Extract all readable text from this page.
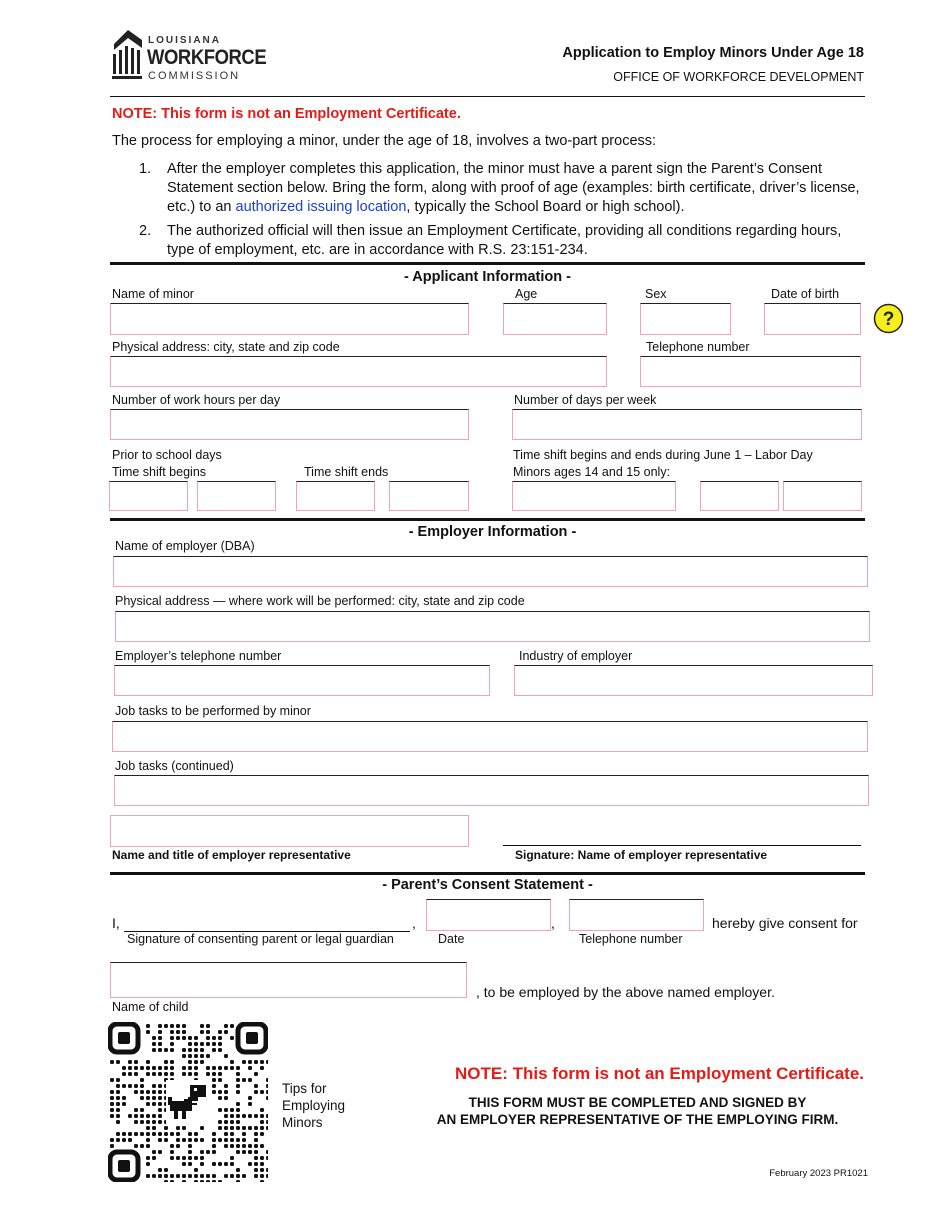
LOUISIANA
WORKFORCE
COMMISSION
Application to Employ Minors Under Age 18
OFFICE OF WORKFORCE DEVELOPMENT
NOTE: This form is not an Employment Certificate.
The process for employing a minor, under the age of 18, involves a two-part process:
1. After the employer completes this application, the minor must have a parent sign the Parent’s Consent Statement section below. Bring the form, along with proof of age (examples: birth certificate, driver’s license, etc.) to an authorized issuing location, typically the School Board or high school).
2. The authorized official will then issue an Employment Certificate, providing all conditions regarding hours, type of employment, etc. are in accordance with R.S. 23:151-234.
- Applicant Information -
Name of minor	Age	Sex	Date of birth
?
Physical address: city, state and zip code	Telephone number
Number of work hours per day	Number of days per week
Prior to school days
Time shift begins	Time shift ends
Time shift begins and ends during June 1 – Labor Day
Minors ages 14 and 15 only:
- Employer Information -
Name of employer (DBA)
Physical address — where work will be performed: city, state and zip code
Employer’s telephone number	Industry of employer
Job tasks to be performed by minor
Job tasks (continued)
Name and title of employer representative	Signature: Name of employer representative
- Parent’s Consent Statement -
I,	,	,	hereby give consent for
Signature of consenting parent or legal guardian	Date	Telephone number
, to be employed by the above named employer.
Name of child
Tips for
Employing
Minors
NOTE: This form is not an Employment Certificate.
THIS FORM MUST BE COMPLETED AND SIGNED BY
AN EMPLOYER REPRESENTATIVE OF THE EMPLOYING FIRM.
February 2023 PR1021
